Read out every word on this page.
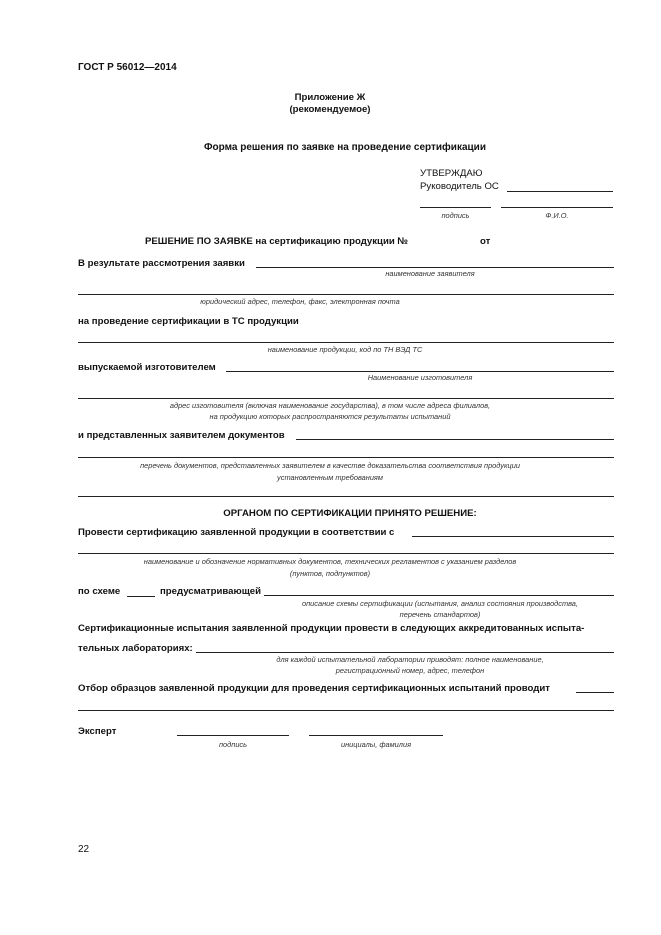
ГОСТ Р 56012—2014
Приложение Ж
(рекомендуемое)
Форма решения по заявке на проведение сертификации
УТВЕРЖДАЮ
Руководитель ОС
подпись	Ф.И.О.
РЕШЕНИЕ ПО ЗАЯВКЕ на сертификацию продукции №	от
В результате рассмотрения заявки
наименование заявителя
юридический адрес, телефон, факс, электронная почта
на проведение сертификации в ТС продукции
наименование продукции, код по ТН ВЭД ТС
выпускаемой изготовителем
Наименование изготовителя
адрес изготовителя (включая наименование государства), в том числе адреса филиалов,
на продукцию которых распространяются результаты испытаний
и представленных заявителем документов
перечень документов, представленных заявителем в качестве доказательства соответствия продукции
установленным требованиям
ОРГАНОМ ПО СЕРТИФИКАЦИИ ПРИНЯТО РЕШЕНИЕ:
Провести сертификацию заявленной продукции в соответствии с
наименование и обозначение нормативных документов, технических регламентов с указанием разделов
(пунктов, подпунктов)
по схеме	предусматривающей
описание схемы сертификации (испытания, анализ состояния производства,
перечень стандартов)
Сертификационные испытания заявленной продукции провести в следующих аккредитованных испыта-
тельных лабораториях:
для каждой испытательной лаборатории приводят: полное наименование,
регистрационный номер, адрес, телефон
Отбор образцов заявленной продукции для проведения сертификационных испытаний проводит
Эксперт
подпись	инициалы, фамилия
22
